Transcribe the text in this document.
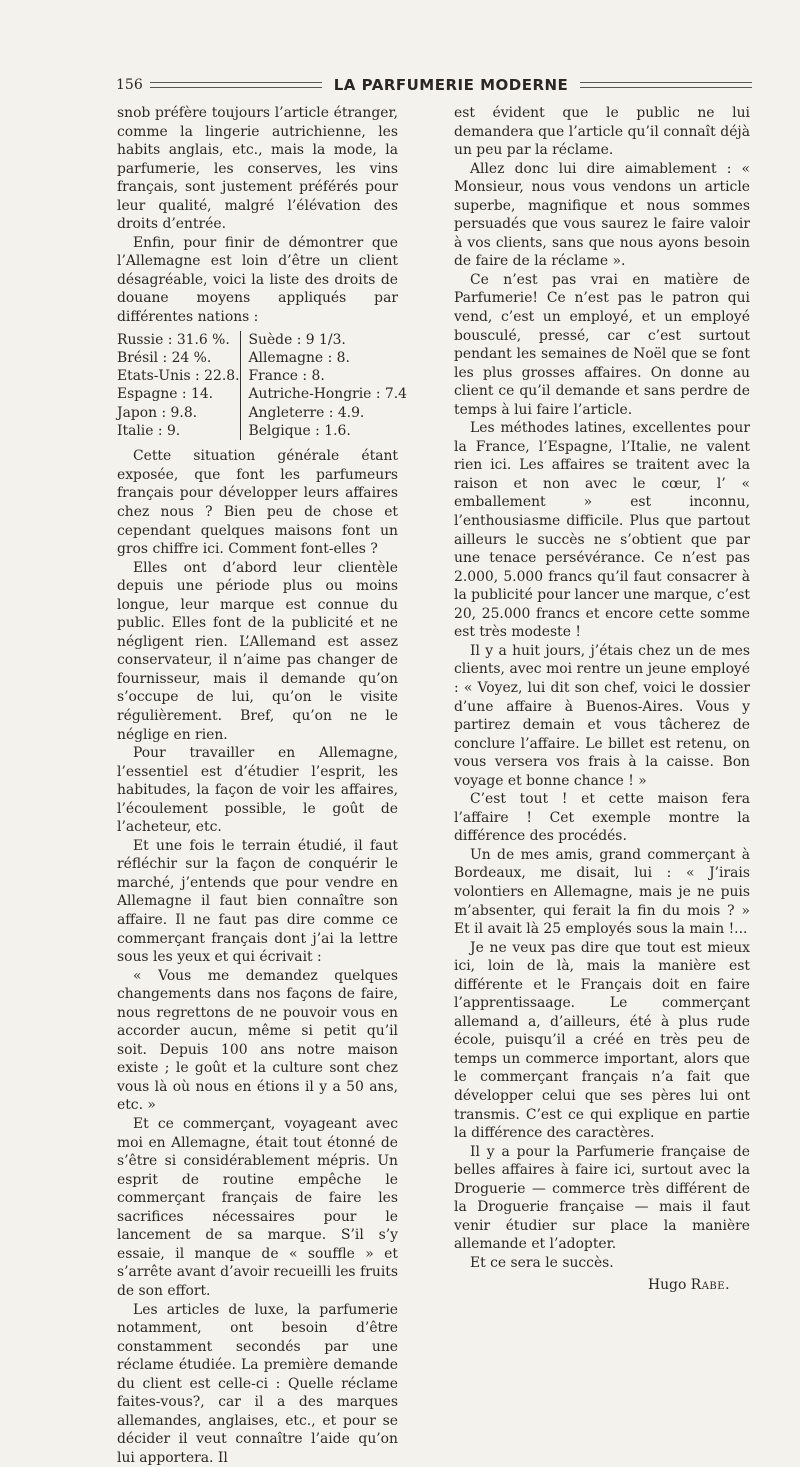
156	LA PARFUMERIE MODERNE

snob préfère toujours l’article étranger, comme la lingerie autrichienne, les habits anglais, etc., mais la mode, la parfumerie, les conserves, les vins français, sont justement préférés pour leur qualité, malgré l’élévation des droits d’entrée.

Enfin, pour finir de démontrer que l’Allemagne est loin d’être un client désagréable, voici la liste des droits de douane moyens appliqués par différentes nations :

Russie : 31.6 %.
Brésil : 24 %.
Etats-Unis : 22.8.
Espagne : 14.
Japon : 9.8.
Italie : 9.
Suède : 9 1/3.
Allemagne : 8.
France : 8.
Autriche-Hongrie : 7.4
Angleterre : 4.9.
Belgique : 1.6.

Cette situation générale étant exposée, que font les parfumeurs français pour développer leurs affaires chez nous ? Bien peu de chose et cependant quelques maisons font un gros chiffre ici. Comment font-elles ?

Elles ont d’abord leur clientèle depuis une période plus ou moins longue, leur marque est connue du public. Elles font de la publicité et ne négligent rien. L’Allemand est assez conservateur, il n’aime pas changer de fournisseur, mais il demande qu’on s’occupe de lui, qu’on le visite régulièrement. Bref, qu’on ne le néglige en rien.

Pour travailler en Allemagne, l’essentiel est d’étudier l’esprit, les habitudes, la façon de voir les affaires, l’écoulement possible, le goût de l’acheteur, etc.

Et une fois le terrain étudié, il faut réfléchir sur la façon de conquérir le marché, j’entends que pour vendre en Allemagne il faut bien connaître son affaire. Il ne faut pas dire comme ce commerçant français dont j’ai la lettre sous les yeux et qui écrivait :

« Vous me demandez quelques changements dans nos façons de faire, nous regrettons de ne pouvoir vous en accorder aucun, même si petit qu’il soit. Depuis 100 ans notre maison existe ; le goût et la culture sont chez vous là où nous en étions il y a 50 ans, etc. »

Et ce commerçant, voyageant avec moi en Allemagne, était tout étonné de s’être si considérablement mépris. Un esprit de routine empêche le commerçant français de faire les sacrifices nécessaires pour le lancement de sa marque. S’il s’y essaie, il manque de « souffle » et s’arrête avant d’avoir recueilli les fruits de son effort.

Les articles de luxe, la parfumerie notamment, ont besoin d’être constamment secondés par une réclame étudiée. La première demande du client est celle-ci : Quelle réclame faites-vous?, car il a des marques allemandes, anglaises, etc., et pour se décider il veut connaître l’aide qu’on lui apportera. Il

est évident que le public ne lui demandera que l’article qu’il connaît déjà un peu par la réclame.

Allez donc lui dire aimablement : « Monsieur, nous vous vendons un article superbe, magnifique et nous sommes persuadés que vous saurez le faire valoir à vos clients, sans que nous ayons besoin de faire de la réclame ».

Ce n’est pas vrai en matière de Parfumerie! Ce n’est pas le patron qui vend, c’est un employé, et un employé bousculé, pressé, car c’est surtout pendant les semaines de Noël que se font les plus grosses affaires. On donne au client ce qu’il demande et sans perdre de temps à lui faire l’article.

Les méthodes latines, excellentes pour la France, l’Espagne, l’Italie, ne valent rien ici. Les affaires se traitent avec la raison et non avec le cœur, l’ « emballement » est inconnu, l’enthousiasme difficile. Plus que partout ailleurs le succès ne s’obtient que par une tenace persévérance. Ce n’est pas 2.000, 5.000 francs qu’il faut consacrer à la publicité pour lancer une marque, c’est 20, 25.000 francs et encore cette somme est très modeste !

Il y a huit jours, j’étais chez un de mes clients, avec moi rentre un jeune employé : « Voyez, lui dit son chef, voici le dossier d’une affaire à Buenos-Aires. Vous y partirez demain et vous tâcherez de conclure l’affaire. Le billet est retenu, on vous versera vos frais à la caisse. Bon voyage et bonne chance ! »

C’est tout ! et cette maison fera l’affaire ! Cet exemple montre la différence des procédés.

Un de mes amis, grand commerçant à Bordeaux, me disait, lui : « J’irais volontiers en Allemagne, mais je ne puis m’absenter, qui ferait la fin du mois ? » Et il avait là 25 employés sous la main !...

Je ne veux pas dire que tout est mieux ici, loin de là, mais la manière est différente et le Français doit en faire l’apprentissaage. Le commerçant allemand a, d’ailleurs, été à plus rude école, puisqu’il a créé en très peu de temps un commerce important, alors que le commerçant français n’a fait que développer celui que ses pères lui ont transmis. C’est ce qui explique en partie la différence des caractères.

Il y a pour la Parfumerie française de belles affaires à faire ici, surtout avec la Droguerie — commerce très différent de la Droguerie française — mais il faut venir étudier sur place la manière allemande et l’adopter.

Et ce sera le succès.

Hugo Rabe.
